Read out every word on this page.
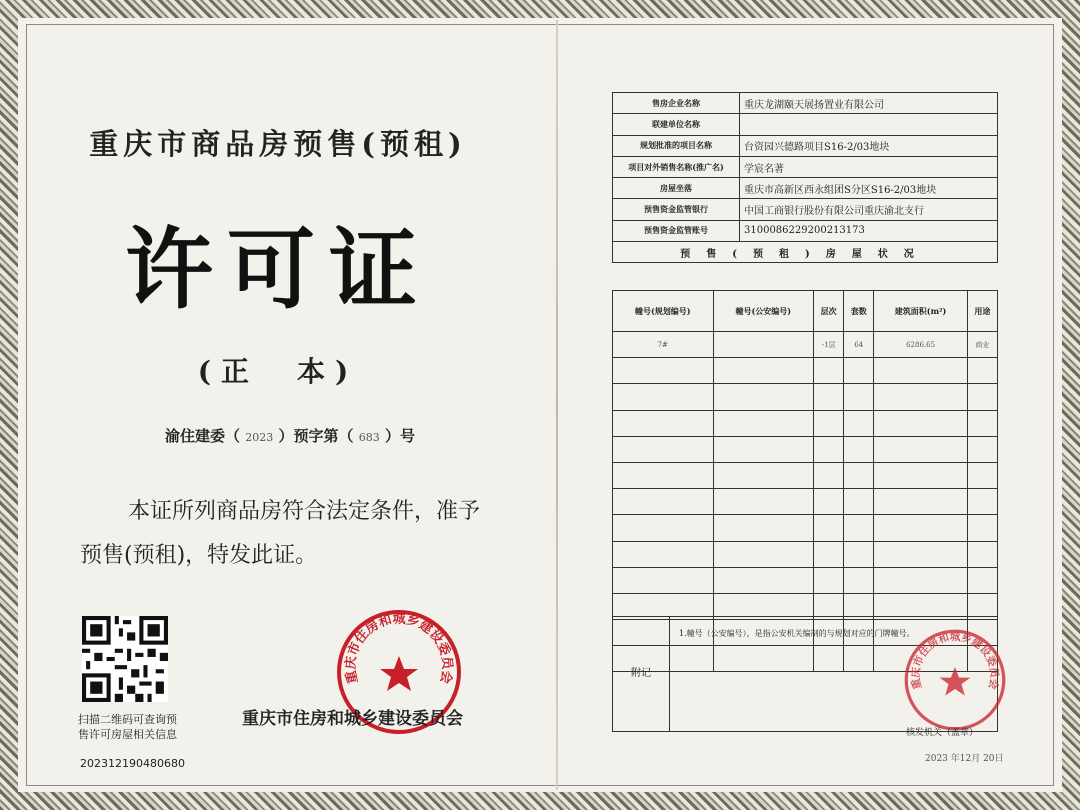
重庆市商品房预售(预租)
许可证
(正　本)
渝住建委（ 2023 ）预字第（ 683 ）号
本证所列商品房符合法定条件，准予预售(预租)，特发此证。
扫描二维码可查询预售许可房屋相关信息
20231219048068​0
重庆市住房和城乡建设委员会
重庆市住房和城乡建设委员会
售房企业名称	重庆龙湖颐天展扬置业有限公司
联建单位名称	
规划批准的项目名称	台资园兴德路项目S16-2/03地块
项目对外销售名称(推广名)	学宸名著
房屋坐落	重庆市高新区西永组团S分区S16-2/03地块
预售资金监管银行	中国工商银行股份有限公司重庆渝北支行
预售资金监管账号	3100086229200213173
预售(预租)房屋状况	
幢号(规划编号)	幢号(公安编号)	层次	套数	建筑面积(m²)	用途
7#		-1层	64	6286.65	商业

附记	
1.幢号（公安编号），是指公安机关编制的与规划对应的门牌幢号。
重庆市住房和城乡建设委员会
核发机关（盖章）
2023 年12月 20日
